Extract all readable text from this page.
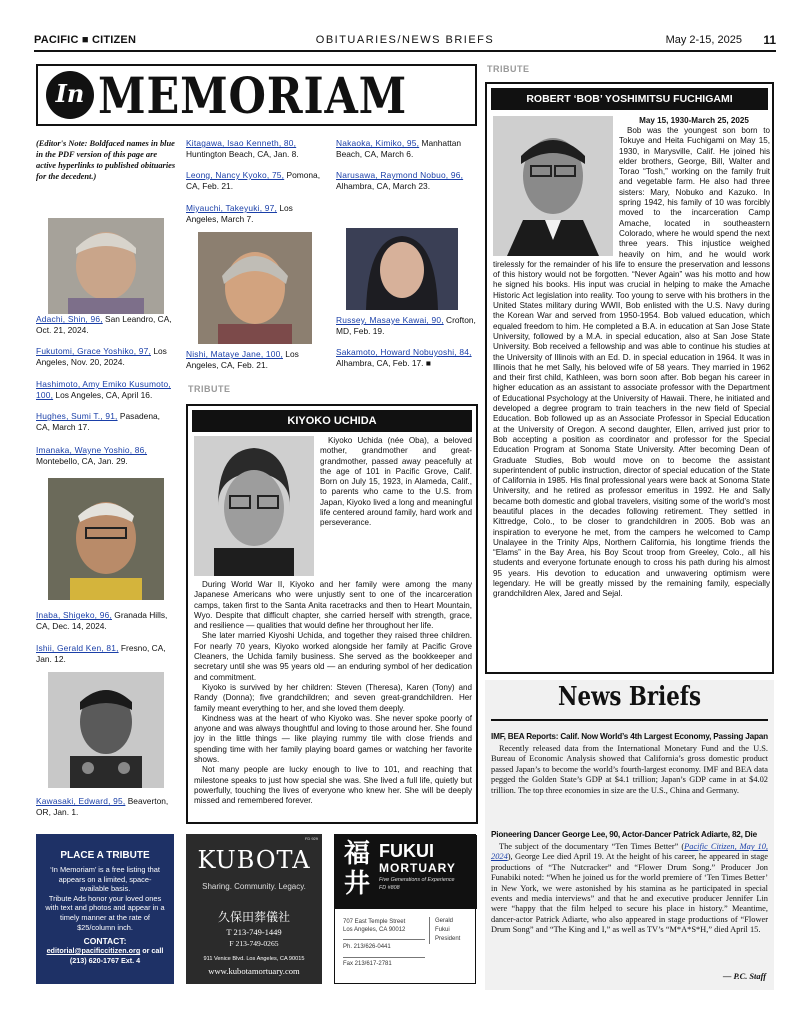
PACIFIC ■ CITIZEN	OBITUARIES/NEWS BRIEFS	May 2-15, 2025 11
In MEMORIAM
(Editor's Note: Boldfaced names in blue in the PDF version of this page are active hyperlinks to published obituaries for the decedent.)
Adachi, Shin, 96, San Leandro, CA, Oct. 21, 2024.
Fukutomi, Grace Yoshiko, 97, Los Angeles, Nov. 20, 2024.
Hashimoto, Amy Emiko Kusumoto, 100, Los Angeles, CA, April 16.
Hughes, Sumi T., 91, Pasadena, CA, March 17.
Imanaka, Wayne Yoshio, 86, Montebello, CA, Jan. 29.
Inaba, Shigeko, 96, Granada Hills, CA, Dec. 14, 2024.
Ishii, Gerald Ken, 81, Fresno, CA, Jan. 12.
Kawasaki, Edward, 95, Beaverton, OR, Jan. 1.
Kitagawa, Isao Kenneth, 80, Huntington Beach, CA, Jan. 8.
Leong, Nancy Kyoko, 75, Pomona, CA, Feb. 21.
Miyauchi, Takeyuki, 97, Los Angeles, March 7.
Nishi, Mataye Jane, 100, Los Angeles, CA, Feb. 21.
Nakaoka, Kimiko, 95, Manhattan Beach, CA, March 6.
Narusawa, Raymond Nobuo, 96, Alhambra, CA, March 23.
Russey, Masaye Kawai, 90, Crofton, MD, Feb. 19.
Sakamoto, Howard Nobuyoshi, 84, Alhambra, CA, Feb. 17. ■
TRIBUTE
TRIBUTE
KIYOKO UCHIDA

Kiyoko Uchida (née Oba), a beloved mother, grandmother and great-grandmother, passed away peacefully at the age of 101 in Pacific Grove, Calif. Born on July 15, 1923, in Alameda, Calif., to parents who came to the U.S. from Japan, Kiyoko lived a long and meaningful life centered around family, hard work and perseverance.

During World War II, Kiyoko and her family were among the many Japanese Americans who were unjustly sent to one of the incarceration camps, taken first to the Santa Anita racetracks and then to Heart Mountain, Wyo. Despite that difficult chapter, she carried herself with strength, grace, and resilience — qualities that would define her throughout her life.

She later married Kiyoshi Uchida, and together they raised three children. For nearly 70 years, Kiyoko worked alongside her family at Pacific Grove Cleaners, the Uchida family business. She served as the bookkeeper and secretary until she was 95 years old — an enduring symbol of her dedication and commitment.

Kiyoko is survived by her children: Steven (Theresa), Karen (Tony) and Randy (Donna); five grandchildren; and seven great-grandchildren. Her family meant everything to her, and she loved them deeply.

Kindness was at the heart of who Kiyoko was. She never spoke poorly of anyone and was always thoughtful and loving to those around her. She found joy in the little things — like playing rummy tile with close friends and spending time with her family playing board games or watching her favorite shows.

Not many people are lucky enough to live to 101, and reaching that milestone speaks to just how special she was. She lived a full life, quietly but powerfully, touching the lives of everyone who knew her. She will be deeply missed and remembered forever.

ROBERT ‘BOB’ YOSHIMITSU FUCHIGAMI
May 15, 1930-March 25, 2025

Bob was the youngest son born to Tokuye and Heita Fuchigami on May 15, 1930, in Marysville, Calif. He joined his elder brothers, George, Bill, Walter and Torao “Tosh,” working on the family fruit and vegetable farm. He also had three sisters: Mary, Nobuko and Kazuko. In spring 1942, his family of 10 was forcibly moved to the incarceration Camp Amache, located in southeastern Colorado, where he would spend the next three years. This injustice weighed heavily on him, and he would work tirelessly for the remainder of his life to ensure the preservation and lessons of this history would not be forgotten. “Never Again” was his motto and how he signed his books. His input was crucial in helping to make the Amache Historic Act legislation into reality. Too young to serve with his brothers in the United States military during WWII, Bob enlisted with the U.S. Navy during the Korean War and served from 1950-1954. Bob valued education, which equaled freedom to him. He completed a B.A. in education at San Jose State University, followed by a M.A. in special education, also at San Jose State University. Bob received a fellowship and was able to continue his studies at the University of Illinois with an Ed. D. in special education in 1964. It was in Illinois that he met Sally, his beloved wife of 58 years. They married in 1962 and their first child, Kathleen, was born soon after. Bob began his career in higher education as an assistant to associate professor with the Department of Educational Psychology at the University of Hawaii. There, he initiated and developed a degree program to train teachers in the new field of Special Education. Bob followed up as an Associate Professor in Special Education at the University of Oregon. A second daughter, Ellen, arrived just prior to Bob accepting a position as coordinator and professor for the Special Education Program at Sonoma State University. After becoming Dean of Graduate Studies, Bob would move on to become the assistant superintendent of public instruction, director of special education of the State of California in 1985. His final professional years were back at Sonoma State University, and he retired as professor emeritus in 1992. He and Sally became both domestic and global travelers, visiting some of the world’s most beautiful places in the decades following retirement. They settled in Kittredge, Colo., to be closer to grandchildren in 2005. Bob was an inspiration to everyone he met, from the campers he welcomed to Camp Unalayee in the Trinity Alps, Northern California, his longtime friends the “Elams” in the Bay Area, his Boy Scout troop from Greeley, Colo., all his students and everyone fortunate enough to cross his path during his almost 95 years. His devotion to education and unwavering optimism were legendary. He will be greatly missed by the remaining family, especially grandchildren Alex, Jared and Sejal.

News Briefs
IMF, BEA Reports: Calif. Now World’s 4th Largest Economy, Passing Japan

Recently released data from the International Monetary Fund and the U.S. Bureau of Economic Analysis showed that California’s gross domestic product passed Japan’s to become the world’s fourth-largest economy. IMF and BEA data pegged the Golden State’s GDP at $4.1 trillion; Japan’s GDP came in at $4.02 trillion. The top three economies in size are the U.S., China and Germany.

Pioneering Dancer George Lee, 90, Actor-Dancer Patrick Adiarte, 82, Die

The subject of the documentary “Ten Times Better” (Pacific Citizen, May 10, 2024), George Lee died April 19. At the height of his career, he appeared in stage productions of “The Nutcracker” and “Flower Drum Song.” Producer Jon Funabiki noted: “When he joined us for the world premiere of ‘Ten Times Better’ in New York, we were astonished by his stamina as he participated in special events and media interviews” and that he and executive producer Jennifer Lin were “happy that the film helped to secure his place in history.” Meantime, dancer-actor Patrick Adiarte, who also appeared in stage productions of “Flower Drum Song” and “The King and I,” as well as TV’s “M*A*S*H,” died April 15.

— P.C. Staff
PLACE A TRIBUTE
‘In Memoriam’ is a free listing that appears on a limited, space-available basis.
Tribute Ads honor your loved ones with text and photos and appear in a timely manner at the rate of $25/column inch.
CONTACT:
editorial@pacificcitizen.org or call (213) 620-1767 Ext. 4
FD 929
KUBOTA
Sharing. Community. Legacy.
久保田葬儀社
T 213-749-1449
F 213-749-0265
911 Venice Blvd. Los Angeles, CA 90015
www.kubotamortuary.com
福井
FUKUI
MORTUARY
Five Generations of Experience
FD #808
707 East Temple Street
Los Angeles, CA 90012
Ph. 213/626-0441
Fax 213/617-2781
Gerald
Fukui
President
